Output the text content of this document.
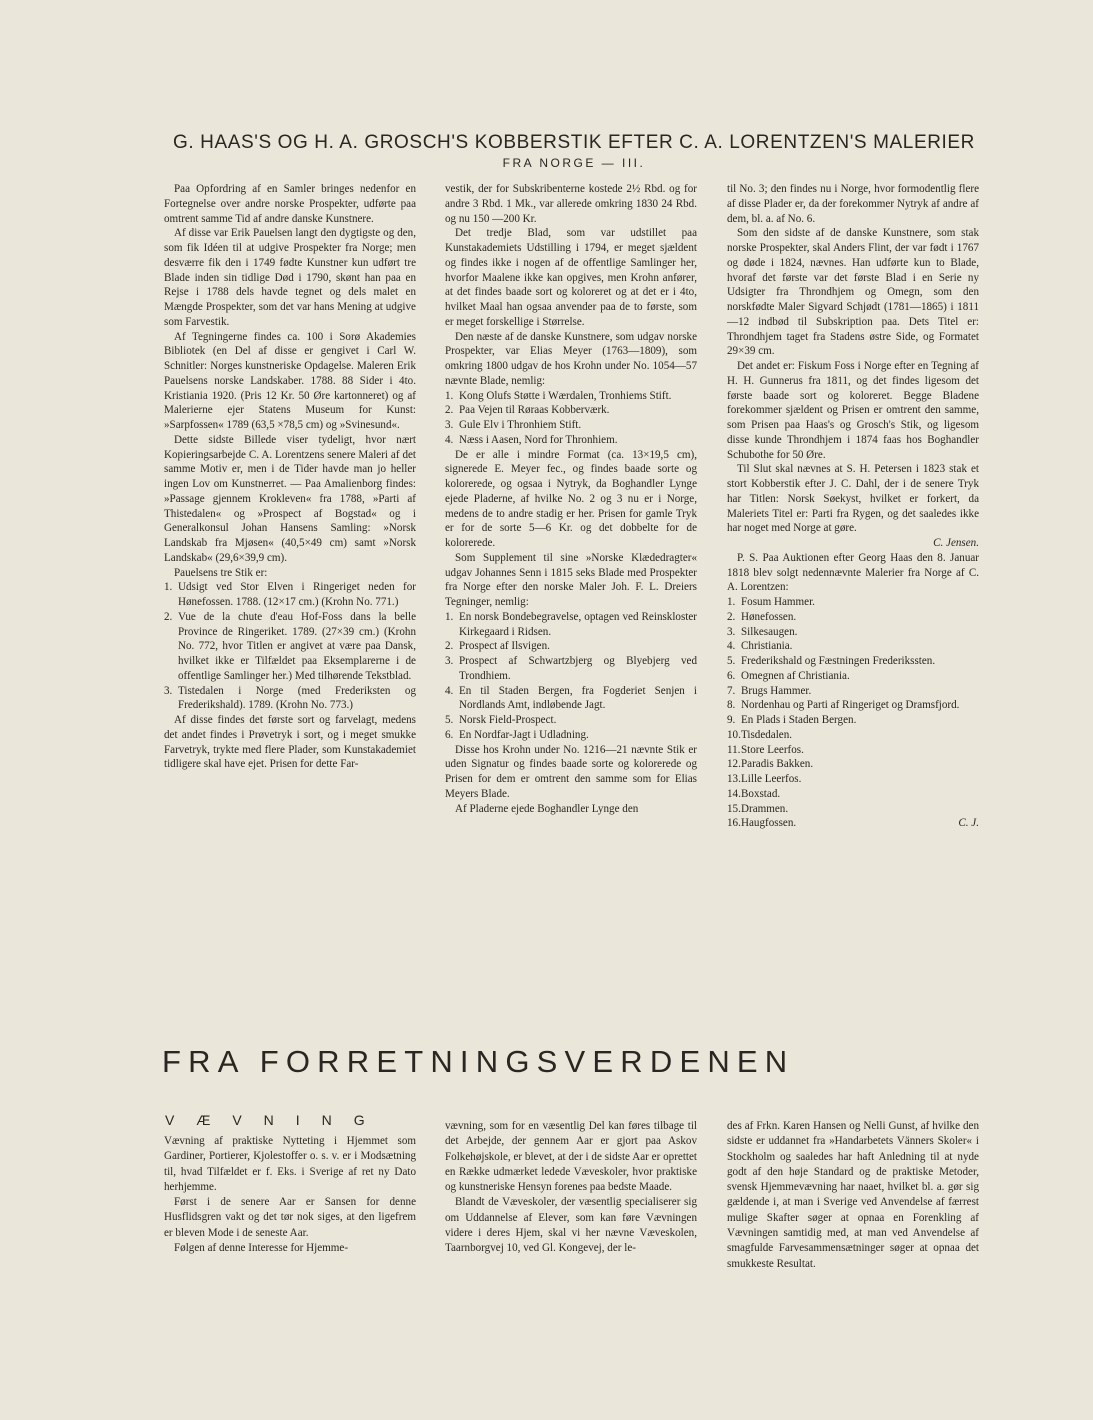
G. HAAS'S OG H. A. GROSCH'S KOBBERSTIK EFTER C. A. LORENTZEN'S MALERIER
FRA NORGE — III.

Paa Opfordring af en Samler bringes nedenfor en Fortegnelse over andre norske Prospekter, udførte paa omtrent samme Tid af andre danske Kunstnere.

Af disse var Erik Pauelsen langt den dygtigste og den, som fik Idéen til at udgive Prospekter fra Norge; men desværre fik den i 1749 fødte Kunstner kun udført tre Blade inden sin tidlige Død i 1790, skønt han paa en Rejse i 1788 dels havde tegnet og dels malet en Mængde Prospekter, som det var hans Mening at udgive som Farvestik.

Af Tegningerne findes ca. 100 i Sorø Akademies Bibliotek (en Del af disse er gengivet i Carl W. Schnitler: Norges kunstneriske Opdagelse. Maleren Erik Pauelsens norske Landskaber. 1788. 88 Sider i 4to. Kristiania 1920. (Pris 12 Kr. 50 Øre kartonneret) og af Malerierne ejer Statens Museum for Kunst: »Sarpfossen« 1789 (63,5 ×78,5 cm) og »Svinesund«.

Dette sidste Billede viser tydeligt, hvor nært Kopieringsarbejde C. A. Lorentzens senere Maleri af det samme Motiv er, men i de Tider havde man jo heller ingen Lov om Kunstnerret. — Paa Amalienborg findes: »Passage gjennem Krokleven« fra 1788, »Parti af Thistedalen« og »Prospect af Bogstad« og i Generalkonsul Johan Hansens Samling: »Norsk Landskab fra Mjøsen« (40,5×49 cm) samt »Norsk Landskab« (29,6×39,9 cm).

Pauelsens tre Stik er:

1. Udsigt ved Stor Elven i Ringeriget neden for Hønefossen. 1788. (12×17 cm.) (Krohn No. 771.)
2. Vue de la chute d'eau Hof-Foss dans la belle Province de Ringeriket. 1789. (27×39 cm.) (Krohn No. 772, hvor Titlen er angivet at være paa Dansk, hvilket ikke er Tilfældet paa Eksemplarerne i de offentlige Samlinger her.) Med tilhørende Tekstblad.
3. Tistedalen i Norge (med Frederiksten og Frederikshald). 1789. (Krohn No. 773.)

Af disse findes det første sort og farvelagt, medens det andet findes i Prøvetryk i sort, og i meget smukke Farvetryk, trykte med flere Plader, som Kunstakademiet tidligere skal have ejet. Prisen for dette Far-

vestik, der for Subskribenterne kostede 2½ Rbd. og for andre 3 Rbd. 1 Mk., var allerede omkring 1830 24 Rbd. og nu 150 —200 Kr.

Det tredje Blad, som var udstillet paa Kunstakademiets Udstilling i 1794, er meget sjældent og findes ikke i nogen af de offentlige Samlinger her, hvorfor Maalene ikke kan opgives, men Krohn anfører, at det findes baade sort og koloreret og at det er i 4to, hvilket Maal han ogsaa anvender paa de to første, som er meget forskellige i Størrelse.

Den næste af de danske Kunstnere, som udgav norske Prospekter, var Elias Meyer (1763—1809), som omkring 1800 udgav de hos Krohn under No. 1054—57 nævnte Blade, nemlig:

1. Kong Olufs Støtte i Wærdalen, Tronhiems Stift.
2. Paa Vejen til Røraas Kobberværk.
3. Gule Elv i Thronhiem Stift.
4. Næss i Aasen, Nord for Thronhiem.

De er alle i mindre Format (ca. 13×19,5 cm), signerede E. Meyer fec., og findes baade sorte og kolorerede, og ogsaa i Nytryk, da Boghandler Lynge ejede Pladerne, af hvilke No. 2 og 3 nu er i Norge, medens de to andre stadig er her. Prisen for gamle Tryk er for de sorte 5—6 Kr. og det dobbelte for de kolorerede.

Som Supplement til sine »Norske Klædedragter« udgav Johannes Senn i 1815 seks Blade med Prospekter fra Norge efter den norske Maler Joh. F. L. Dreiers Tegninger, nemlig:

1. En norsk Bondebegravelse, optagen ved Reinskloster Kirkegaard i Ridsen.
2. Prospect af Ilsvigen.
3. Prospect af Schwartzbjerg og Blyebjerg ved Trondhiem.
4. En til Staden Bergen, fra Fogderiet Senjen i Nordlands Amt, indløbende Jagt.
5. Norsk Field-Prospect.
6. En Nordfar-Jagt i Udladning.

Disse hos Krohn under No. 1216—21 nævnte Stik er uden Signatur og findes baade sorte og kolorerede og Prisen for dem er omtrent den samme som for Elias Meyers Blade.

Af Pladerne ejede Boghandler Lynge den

til No. 3; den findes nu i Norge, hvor formodentlig flere af disse Plader er, da der forekommer Nytryk af andre af dem, bl. a. af No. 6.

Som den sidste af de danske Kunstnere, som stak norske Prospekter, skal Anders Flint, der var født i 1767 og døde i 1824, nævnes. Han udførte kun to Blade, hvoraf det første var det første Blad i en Serie ny Udsigter fra Throndhjem og Omegn, som den norskfødte Maler Sigvard Schjødt (1781—1865) i 1811—12 indbød til Subskription paa. Dets Titel er: Throndhjem taget fra Stadens østre Side, og Formatet 29×39 cm.

Det andet er: Fiskum Foss i Norge efter en Tegning af H. H. Gunnerus fra 1811, og det findes ligesom det første baade sort og koloreret. Begge Bladene forekommer sjældent og Prisen er omtrent den samme, som Prisen paa Haas's og Grosch's Stik, og ligesom disse kunde Throndhjem i 1874 faas hos Boghandler Schubothe for 50 Øre.

Til Slut skal nævnes at S. H. Petersen i 1823 stak et stort Kobberstik efter J. C. Dahl, der i de senere Tryk har Titlen: Norsk Søekyst, hvilket er forkert, da Maleriets Titel er: Parti fra Rygen, og det saaledes ikke har noget med Norge at gøre.

C. Jensen.

P. S. Paa Auktionen efter Georg Haas den 8. Januar 1818 blev solgt nedennævnte Malerier fra Norge af C. A. Lorentzen:

1. Fosum Hammer.
2. Hønefossen.
3. Silkesaugen.
4. Christiania.
5. Frederikshald og Fæstningen Frederikssten.
6. Omegnen af Christiania.
7. Brugs Hammer.
8. Nordenhau og Parti af Ringeriget og Dramsfjord.
9. En Plads i Staden Bergen.
10. Tisdedalen.
11. Store Leerfos.
12. Paradis Bakken.
13. Lille Leerfos.
14. Boxstad.
15. Drammen.
16. Haugfossen.	C. J.
FRA FORRETNINGSVERDENEN
VÆVNING

Vævning af praktiske Nytteting i Hjemmet som Gardiner, Portierer, Kjolestoffer o. s. v. er i Modsætning til, hvad Tilfældet er f. Eks. i Sverige af ret ny Dato herhjemme.

Først i de senere Aar er Sansen for denne Husflidsgren vakt og det tør nok siges, at den ligefrem er bleven Mode i de seneste Aar.

Følgen af denne Interesse for Hjemme-

vævning, som for en væsentlig Del kan føres tilbage til det Arbejde, der gennem Aar er gjort paa Askov Folkehøjskole, er blevet, at der i de sidste Aar er oprettet en Række udmærket ledede Væveskoler, hvor praktiske og kunstneriske Hensyn forenes paa bedste Maade.

Blandt de Væveskoler, der væsentlig specialiserer sig om Uddannelse af Elever, som kan føre Vævningen videre i deres Hjem, skal vi her nævne Væveskolen, Taarnborgvej 10, ved Gl. Kongevej, der le-

des af Frkn. Karen Hansen og Nelli Gunst, af hvilke den sidste er uddannet fra »Handarbetets Vänners Skoler« i Stockholm og saaledes har haft Anledning til at nyde godt af den høje Standard og de praktiske Metoder, svensk Hjemmevævning har naaet, hvilket bl. a. gør sig gældende i, at man i Sverige ved Anvendelse af færrest mulige Skafter søger at opnaa en Forenkling af Vævningen samtidig med, at man ved Anvendelse af smagfulde Farvesammensætninger søger at opnaa det smukkeste Resultat.
